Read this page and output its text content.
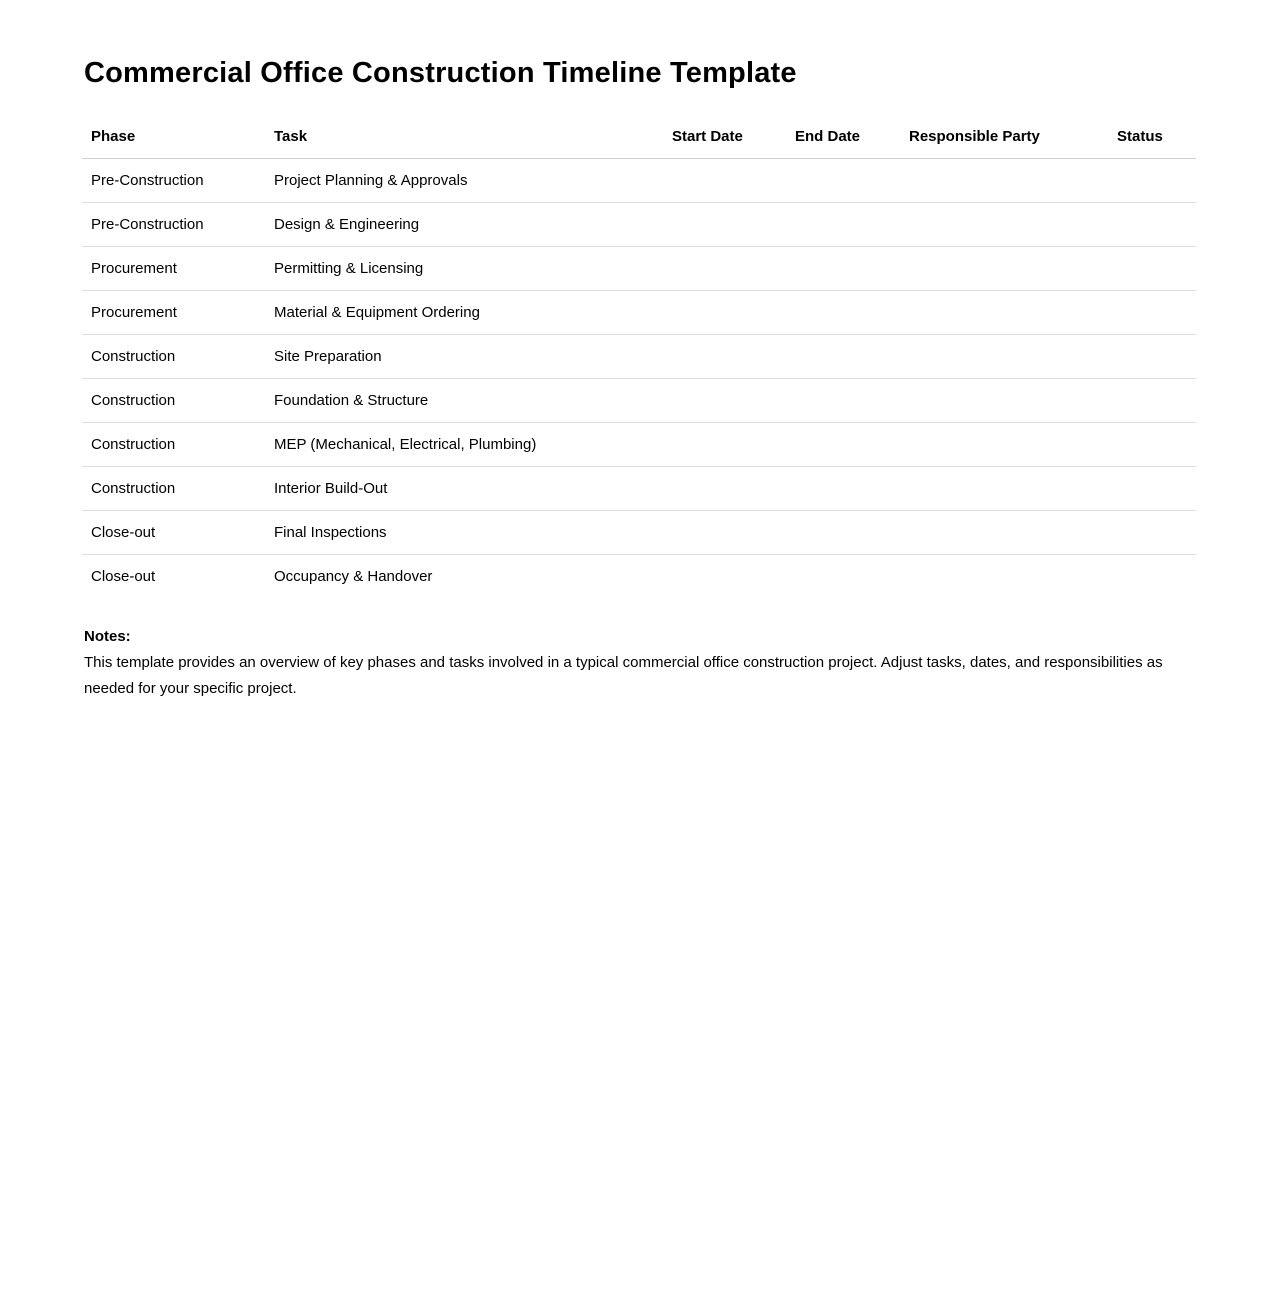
Commercial Office Construction Timeline Template
Phase	Task	Start Date	End Date	Responsible Party	Status
Pre-Construction	Project Planning & Approvals				
Pre-Construction	Design & Engineering				
Procurement	Permitting & Licensing				
Procurement	Material & Equipment Ordering				
Construction	Site Preparation				
Construction	Foundation & Structure				
Construction	MEP (Mechanical, Electrical, Plumbing)				
Construction	Interior Build-Out				
Close-out	Final Inspections				
Close-out	Occupancy & Handover				

Notes:

This template provides an overview of key phases and tasks involved in a typical commercial office construction project. Adjust tasks, dates, and responsibilities as needed for your specific project.
